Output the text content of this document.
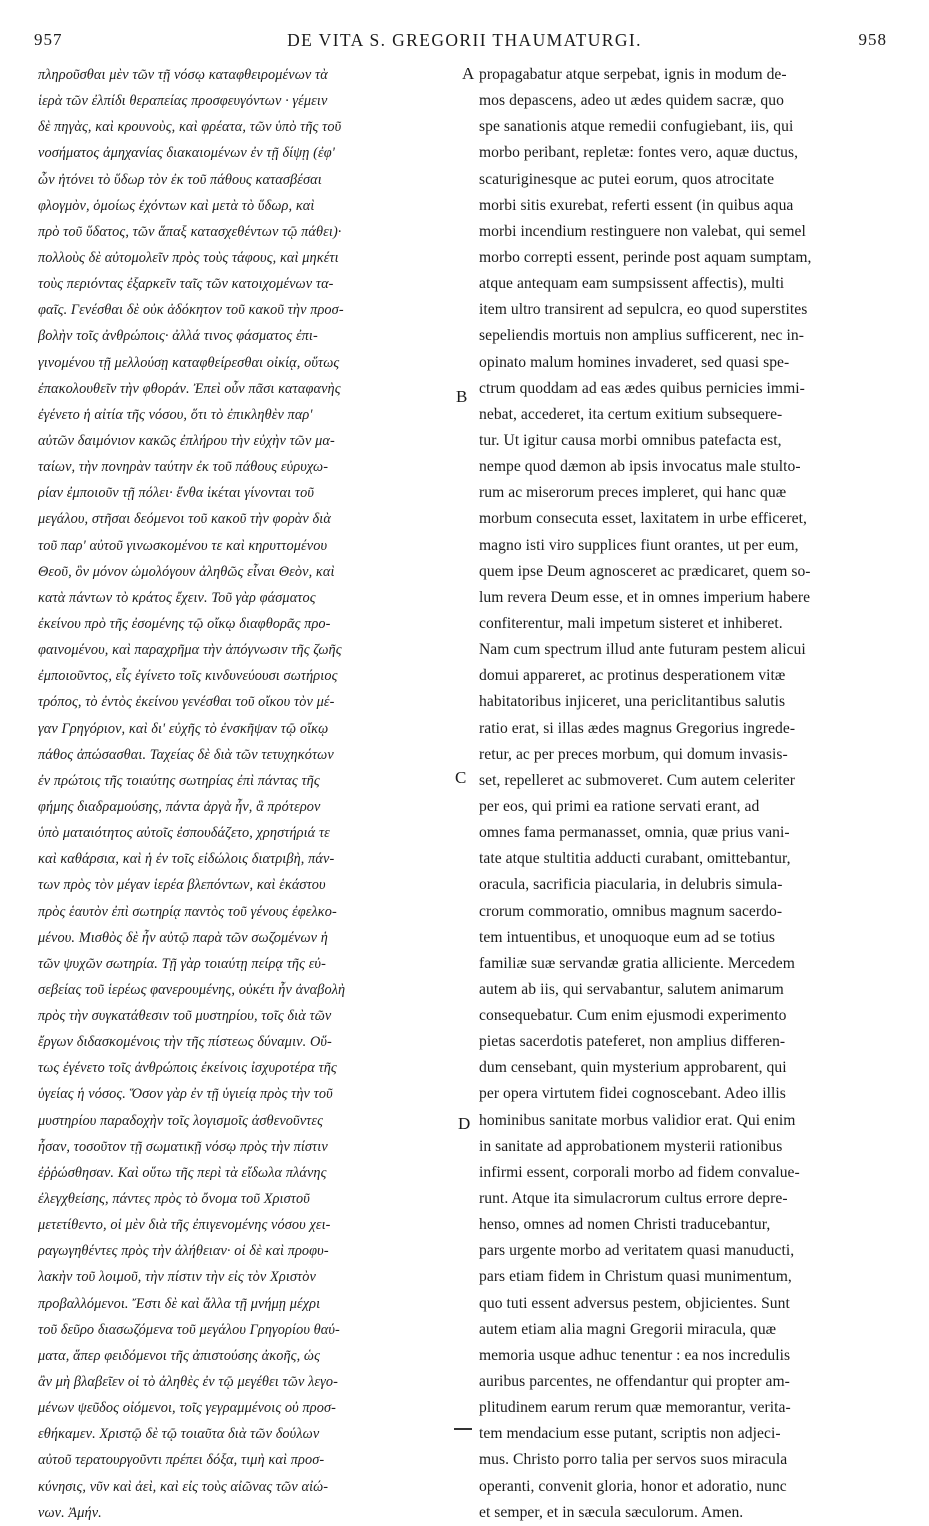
957	DE VITA S. GREGORII THAUMATURGI.	958
πληροῦσθαι μὲν τῶν τῇ νόσῳ καταφθειρομένων τὰ
ἱερὰ τῶν ἐλπίδι θεραπείας προσφευγόντων · γέμειν
δὲ πηγὰς, καὶ κρουνοὺς, καὶ φρέατα, τῶν ὑπὸ τῆς τοῦ
νοσήματος ἀμηχανίας διακαιομένων ἐν τῇ δίψῃ (ἐφ'
ὧν ἠτόνει τὸ ὕδωρ τὸν ἐκ τοῦ πάθους κατασβέσαι
φλογμὸν, ὁμοίως ἐχόντων καὶ μετὰ τὸ ὕδωρ, καὶ
πρὸ τοῦ ὕδατος, τῶν ἅπαξ κατασχεθέντων τῷ πάθει)·
πολλοὺς δὲ αὐτομολεῖν πρὸς τοὺς τάφους, καὶ μηκέτι
τοὺς περιόντας ἐξαρκεῖν ταῖς τῶν κατοιχομένων τα-
φαῖς. Γενέσθαι δὲ οὐκ ἀδόκητον τοῦ κακοῦ τὴν προσ-
βολὴν τοῖς ἀνθρώποις· ἀλλά τινος φάσματος ἐπι-
γινομένου τῇ μελλούσῃ καταφθείρεσθαι οἰκίᾳ, οὕτως
ἐπακολουθεῖν τὴν φθοράν. Ἐπεὶ οὖν πᾶσι καταφανὴς
ἐγένετο ἡ αἰτία τῆς νόσου, ὅτι τὸ ἐπικληθὲν παρ'
αὐτῶν δαιμόνιον κακῶς ἐπλήρου τὴν εὐχὴν τῶν μα-
ταίων, τὴν πονηρὰν ταύτην ἐκ τοῦ πάθους εὐρυχω-
ρίαν ἐμποιοῦν τῇ πόλει· ἔνθα ἱκέται γίνονται τοῦ
μεγάλου, στῆσαι δεόμενοι τοῦ κακοῦ τὴν φορὰν διὰ
τοῦ παρ' αὐτοῦ γινωσκομένου τε καὶ κηρυττομένου
Θεοῦ, ὃν μόνον ὡμολόγουν ἀληθῶς εἶναι Θεὸν, καὶ
κατὰ πάντων τὸ κράτος ἔχειν. Τοῦ γὰρ φάσματος
ἐκείνου πρὸ τῆς ἐσομένης τῷ οἴκῳ διαφθορᾶς προ-
φαινομένου, καὶ παραχρῆμα τὴν ἀπόγνωσιν τῆς ζωῆς
ἐμποιοῦντος, εἷς ἐγίνετο τοῖς κινδυνεύουσι σωτήριος
τρόπος, τὸ ἐντὸς ἐκείνου γενέσθαι τοῦ οἴκου τὸν μέ-
γαν Γρηγόριον, καὶ δι' εὐχῆς τὸ ἐνσκῆψαν τῷ οἴκῳ
πάθος ἀπώσασθαι. Ταχείας δὲ διὰ τῶν τετυχηκότων
ἐν πρώτοις τῆς τοιαύτης σωτηρίας ἐπὶ πάντας τῆς
φήμης διαδραμούσης, πάντα ἀργὰ ἦν, ἃ πρότερον
ὑπὸ ματαιότητος αὐτοῖς ἐσπουδάζετο, χρηστήριά τε
καὶ καθάρσια, καὶ ἡ ἐν τοῖς εἰδώλοις διατριβὴ, πάν-
των πρὸς τὸν μέγαν ἱερέα βλεπόντων, καὶ ἑκάστου
πρὸς ἑαυτὸν ἐπὶ σωτηρίᾳ παντὸς τοῦ γένους ἐφελκο-
μένου. Μισθὸς δὲ ἦν αὐτῷ παρὰ τῶν σωζομένων ἡ
τῶν ψυχῶν σωτηρία. Τῇ γὰρ τοιαύτῃ πείρᾳ τῆς εὐ-
σεβείας τοῦ ἱερέως φανερουμένης, οὐκέτι ἦν ἀναβολὴ
πρὸς τὴν συγκατάθεσιν τοῦ μυστηρίου, τοῖς διὰ τῶν
ἔργων διδασκομένοις τὴν τῆς πίστεως δύναμιν. Οὕ-
τως ἐγένετο τοῖς ἀνθρώποις ἐκείνοις ἰσχυροτέρα τῆς
ὑγείας ἡ νόσος. Ὅσον γὰρ ἐν τῇ ὑγιείᾳ πρὸς τὴν τοῦ
μυστηρίου παραδοχὴν τοῖς λογισμοῖς ἀσθενοῦντες
ἦσαν, τοσοῦτον τῇ σωματικῇ νόσῳ πρὸς τὴν πίστιν
ἐῤῥώσθησαν. Καὶ οὕτω τῆς περὶ τὰ εἴδωλα πλάνης
ἐλεγχθείσης, πάντες πρὸς τὸ ὄνομα τοῦ Χριστοῦ
μετετίθεντο, οἱ μὲν διὰ τῆς ἐπιγενομένης νόσου χει-
ραγωγηθέντες πρὸς τὴν ἀλήθειαν· οἱ δὲ καὶ προφυ-
λακὴν τοῦ λοιμοῦ, τὴν πίστιν τὴν εἰς τὸν Χριστὸν
προβαλλόμενοι. Ἔστι δὲ καὶ ἄλλα τῇ μνήμῃ μέχρι
τοῦ δεῦρο διασωζόμενα τοῦ μεγάλου Γρηγορίου θαύ-
ματα, ἅπερ φειδόμενοι τῆς ἀπιστούσης ἀκοῆς, ὡς
ἂν μὴ βλαβεῖεν οἱ τὸ ἀληθὲς ἐν τῷ μεγέθει τῶν λεγο-
μένων ψεῦδος οἰόμενοι, τοῖς γεγραμμένοις οὐ προσ-
εθήκαμεν. Χριστῷ δὲ τῷ τοιαῦτα διὰ τῶν δούλων
αὐτοῦ τερατουργοῦντι πρέπει δόξα, τιμὴ καὶ προσ-
κύνησις, νῦν καὶ ἀεὶ, καὶ εἰς τοὺς αἰῶνας τῶν αἰώ-
νων. Ἀμήν.
propagabatur atque serpebat, ignis in modum de-
mos depascens, adeo ut ædes quidem sacræ, quo
spe sanationis atque remedii confugiebant, iis, qui
morbo peribant, repletæ: fontes vero, aquæ ductus,
scaturiginesque ac putei eorum, quos atrocitate
morbi sitis exurebat, referti essent (in quibus aqua
morbi incendium restinguere non valebat, qui semel
morbo correpti essent, perinde post aquam sumptam,
atque antequam eam sumpsissent affectis), multi
item ultro transirent ad sepulcra, eo quod superstites
sepeliendis mortuis non amplius sufficerent, nec in-
opinato malum homines invaderet, sed quasi spe-
ctrum quoddam ad eas ædes quibus pernicies immi-
nebat, accederet, ita certum exitium subsequere-
tur. Ut igitur causa morbi omnibus patefacta est,
nempe quod dæmon ab ipsis invocatus male stulto-
rum ac miserorum preces impleret, qui hanc quæ
morbum consecuta esset, laxitatem in urbe efficeret,
magno isti viro supplices fiunt orantes, ut per eum,
quem ipse Deum agnosceret ac prædicaret, quem so-
lum revera Deum esse, et in omnes imperium habere
confiterentur, mali impetum sisteret et inhiberet.
Nam cum spectrum illud ante futuram pestem alicui
domui appareret, ac protinus desperationem vitæ
habitatoribus injiceret, una periclitantibus salutis
ratio erat, si illas ædes magnus Gregorius ingrede-
retur, ac per preces morbum, qui domum invasis-
set, repelleret ac submoveret. Cum autem celeriter
per eos, qui primi ea ratione servati erant, ad
omnes fama permanasset, omnia, quæ prius vani-
tate atque stultitia adducti curabant, omittebantur,
oracula, sacrificia piacularia, in delubris simula-
crorum commoratio, omnibus magnum sacerdo-
tem intuentibus, et unoquoque eum ad se totius
familiæ suæ servandæ gratia alliciente. Mercedem
autem ab iis, qui servabantur, salutem animarum
consequebatur. Cum enim ejusmodi experimento
pietas sacerdotis pateferet, non amplius differen-
dum censebant, quin mysterium approbarent, qui
per opera virtutem fidei cognoscebant. Adeo illis
hominibus sanitate morbus validior erat. Qui enim
in sanitate ad approbationem mysterii rationibus
infirmi essent, corporali morbo ad fidem convalue-
runt. Atque ita simulacrorum cultus errore depre-
henso, omnes ad nomen Christi traducebantur,
pars urgente morbo ad veritatem quasi manuducti,
pars etiam fidem in Christum quasi munimentum,
quo tuti essent adversus pestem, objicientes. Sunt
autem etiam alia magni Gregorii miracula, quæ
memoria usque adhuc tenentur : ea nos incredulis
auribus parcentes, ne offendantur qui propter am-
plitudinem earum rerum quæ memorantur, verita-
tem mendacium esse putant, scriptis non adjeci-
mus. Christo porro talia per servos suos miracula
operanti, convenit gloria, honor et adoratio, nunc
et semper, et in sæcula sæculorum. Amen.
A
B
C
D
